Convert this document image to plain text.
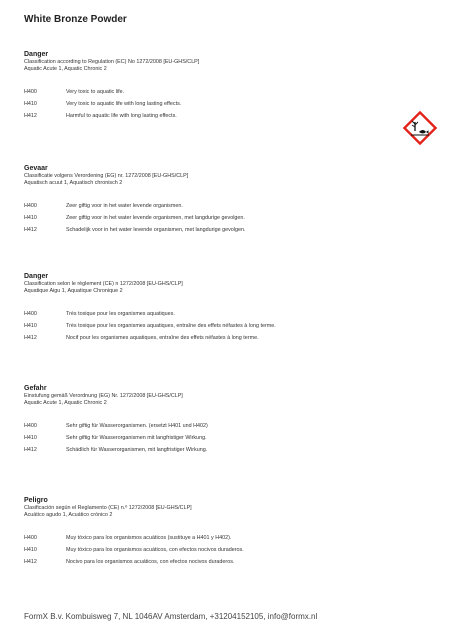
White Bronze Powder
Danger
Classification according to Regulation (EC) No 1272/2008 [EU-GHS/CLP]
Aquatic Acute 1, Aquatic Chronic 2
H400	Very toxic to aquatic life.
H410	Very toxic to aquatic life with long lasting effects.
H412	Harmful to aquatic life with long lasting effects.
Gevaar
Classificatie volgens Verordening (EG) nr. 1272/2008 [EU-GHS/CLP]
Aquatisch acuut 1, Aquatisch chronisch 2
H400	Zeer giftig voor in het water levende organismen.
H410	Zeer giftig voor in het water levende organismen, met langdurige gevolgen.
H412	Schadelijk voor in het water levende organismen, met langdurige gevolgen.
Danger
Classification selon le règlement (CE) n 1272/2008 [EU-GHS/CLP]
Aquatique Aigu 1, Aquatique Chronique 2
H400	Très toxique pour les organismes aquatiques.
H410	Très toxique pour les organismes aquatiques, entraîne des effets néfastes à long terme.
H412	Nocif pour les organismes aquatiques, entraîne des effets néfastes à long terme.
Gefahr
Einstufung gemäß Verordnung (EG) Nr. 1272/2008 [EU-GHS/CLP]
Aquatic Acute 1, Aquatic Chronic 2
H400	Sehr giftig für Wasserorganismen. (ersetzt H401 und H402)
H410	Sehr giftig für Wasserorganismen mit langfristiger Wirkung.
H412	Schädlich für Wasserorganismen, mit langfristiger Wirkung.
Peligro
Clasificación según el Reglamento (CE) n.º 1272/2008 [EU-GHS/CLP]
Acuático agudo 1, Acuático crónico 2
H400	Muy tóxico para los organismos acuáticos (sustituye a H401 y H402).
H410	Muy tóxico para los organismos acuáticos, con efectos nocivos duraderos.
H412	Nocivo para los organismos acuáticos, con efectos nocivos duraderos.
FormX B.v. Kombuisweg 7, NL 1046AV Amsterdam, +31204152105, info@formx.nl
